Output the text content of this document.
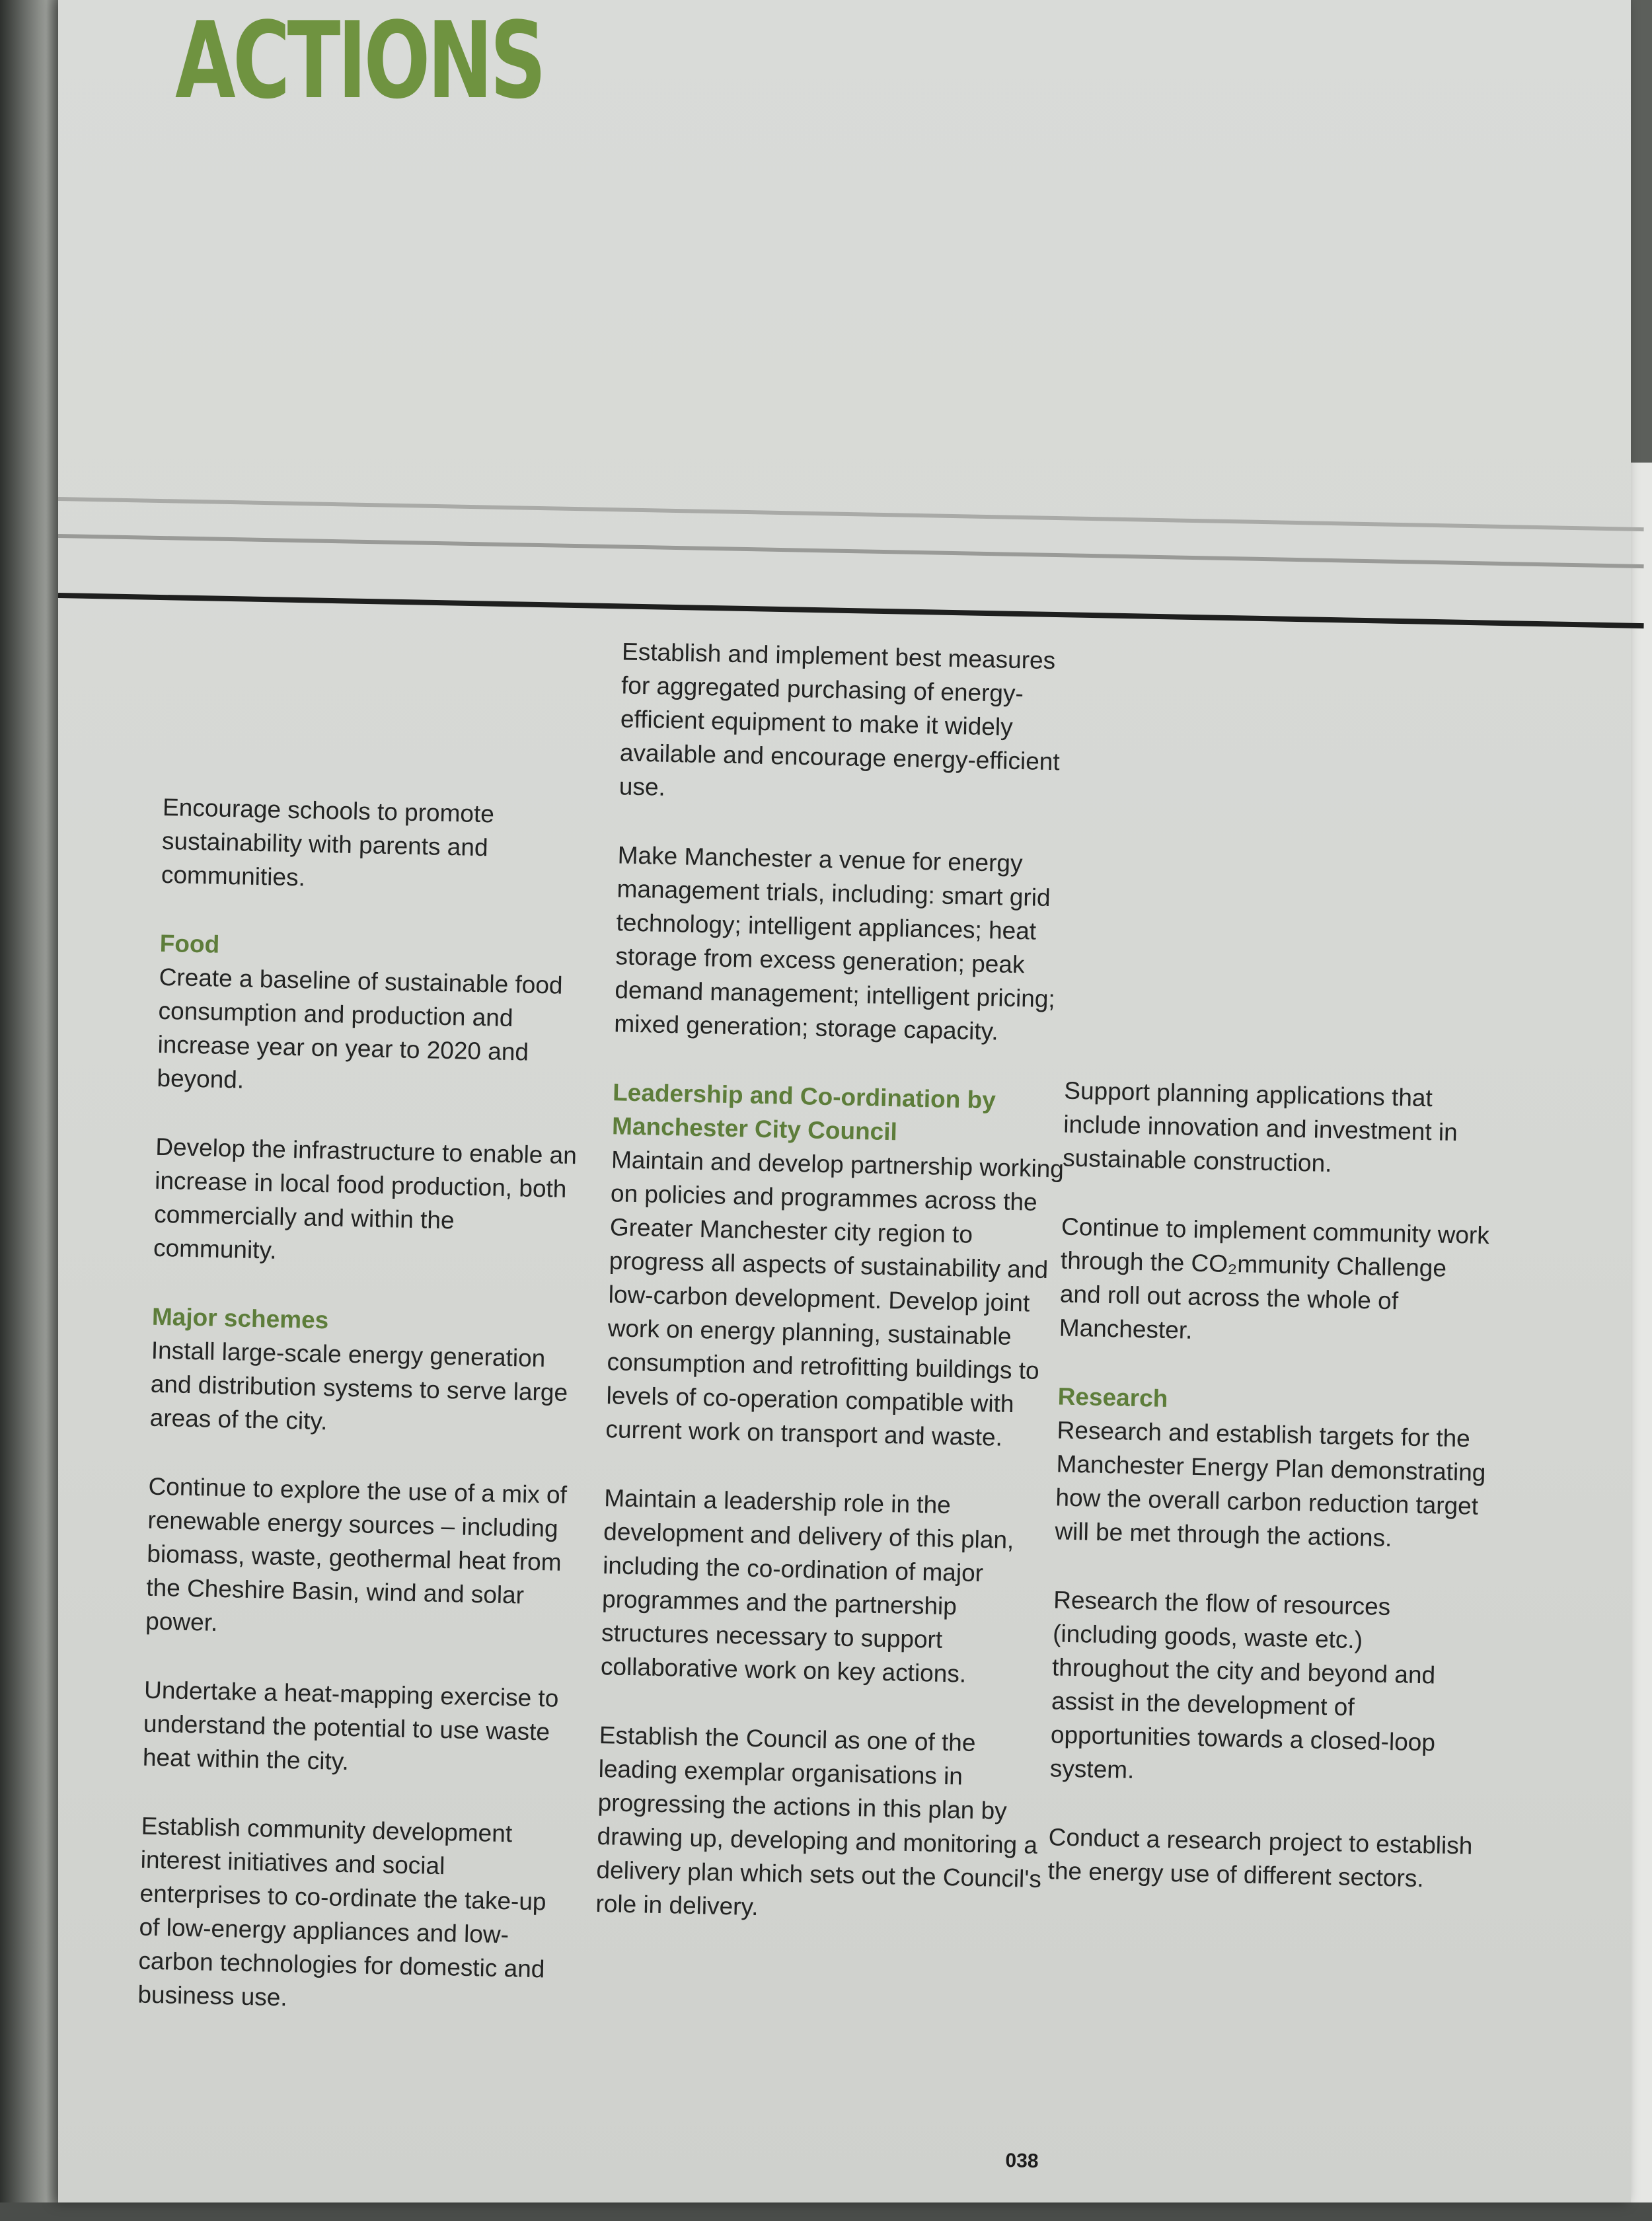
ACTIONS

Encourage schools to promote sustainability with parents and communities.

Food

Create a baseline of sustainable food consumption and production and increase year on year to 2020 and beyond.

Develop the infrastructure to enable an increase in local food production, both commercially and within the community.

Major schemes

Install large-scale energy generation and distribution systems to serve large areas of the city.

Continue to explore the use of a mix of renewable energy sources – including biomass, waste, geothermal heat from the Cheshire Basin, wind and solar power.

Undertake a heat-mapping exercise to understand the potential to use waste heat within the city.

Establish community development interest initiatives and social enterprises to co-ordinate the take-up of low-energy appliances and low-carbon technologies for domestic and business use.

Establish and implement best measures for aggregated purchasing of energy-efficient equipment to make it widely available and encourage energy-efficient use.

Make Manchester a venue for energy management trials, including: smart grid technology; intelligent appliances; heat storage from excess generation; peak demand management; intelligent pricing; mixed generation; storage capacity.

Leadership and Co-ordination by Manchester City Council

Maintain and develop partnership working on policies and programmes across the Greater Manchester city region to progress all aspects of sustainability and low-carbon development. Develop joint work on energy planning, sustainable consumption and retrofitting buildings to levels of co-operation compatible with current work on transport and waste.

Maintain a leadership role in the development and delivery of this plan, including the co-ordination of major programmes and the partnership structures necessary to support collaborative work on key actions.

Establish the Council as one of the leading exemplar organisations in progressing the actions in this plan by drawing up, developing and monitoring a delivery plan which sets out the Council's role in delivery.

Support planning applications that include innovation and investment in sustainable construction.

Continue to implement community work through the CO₂mmunity Challenge and roll out across the whole of Manchester.

Research

Research and establish targets for the Manchester Energy Plan demonstrating how the overall carbon reduction target will be met through the actions.

Research the flow of resources (including goods, waste etc.) throughout the city and beyond and assist in the development of opportunities towards a closed-loop system.

Conduct a research project to establish the energy use of different sectors.

038
